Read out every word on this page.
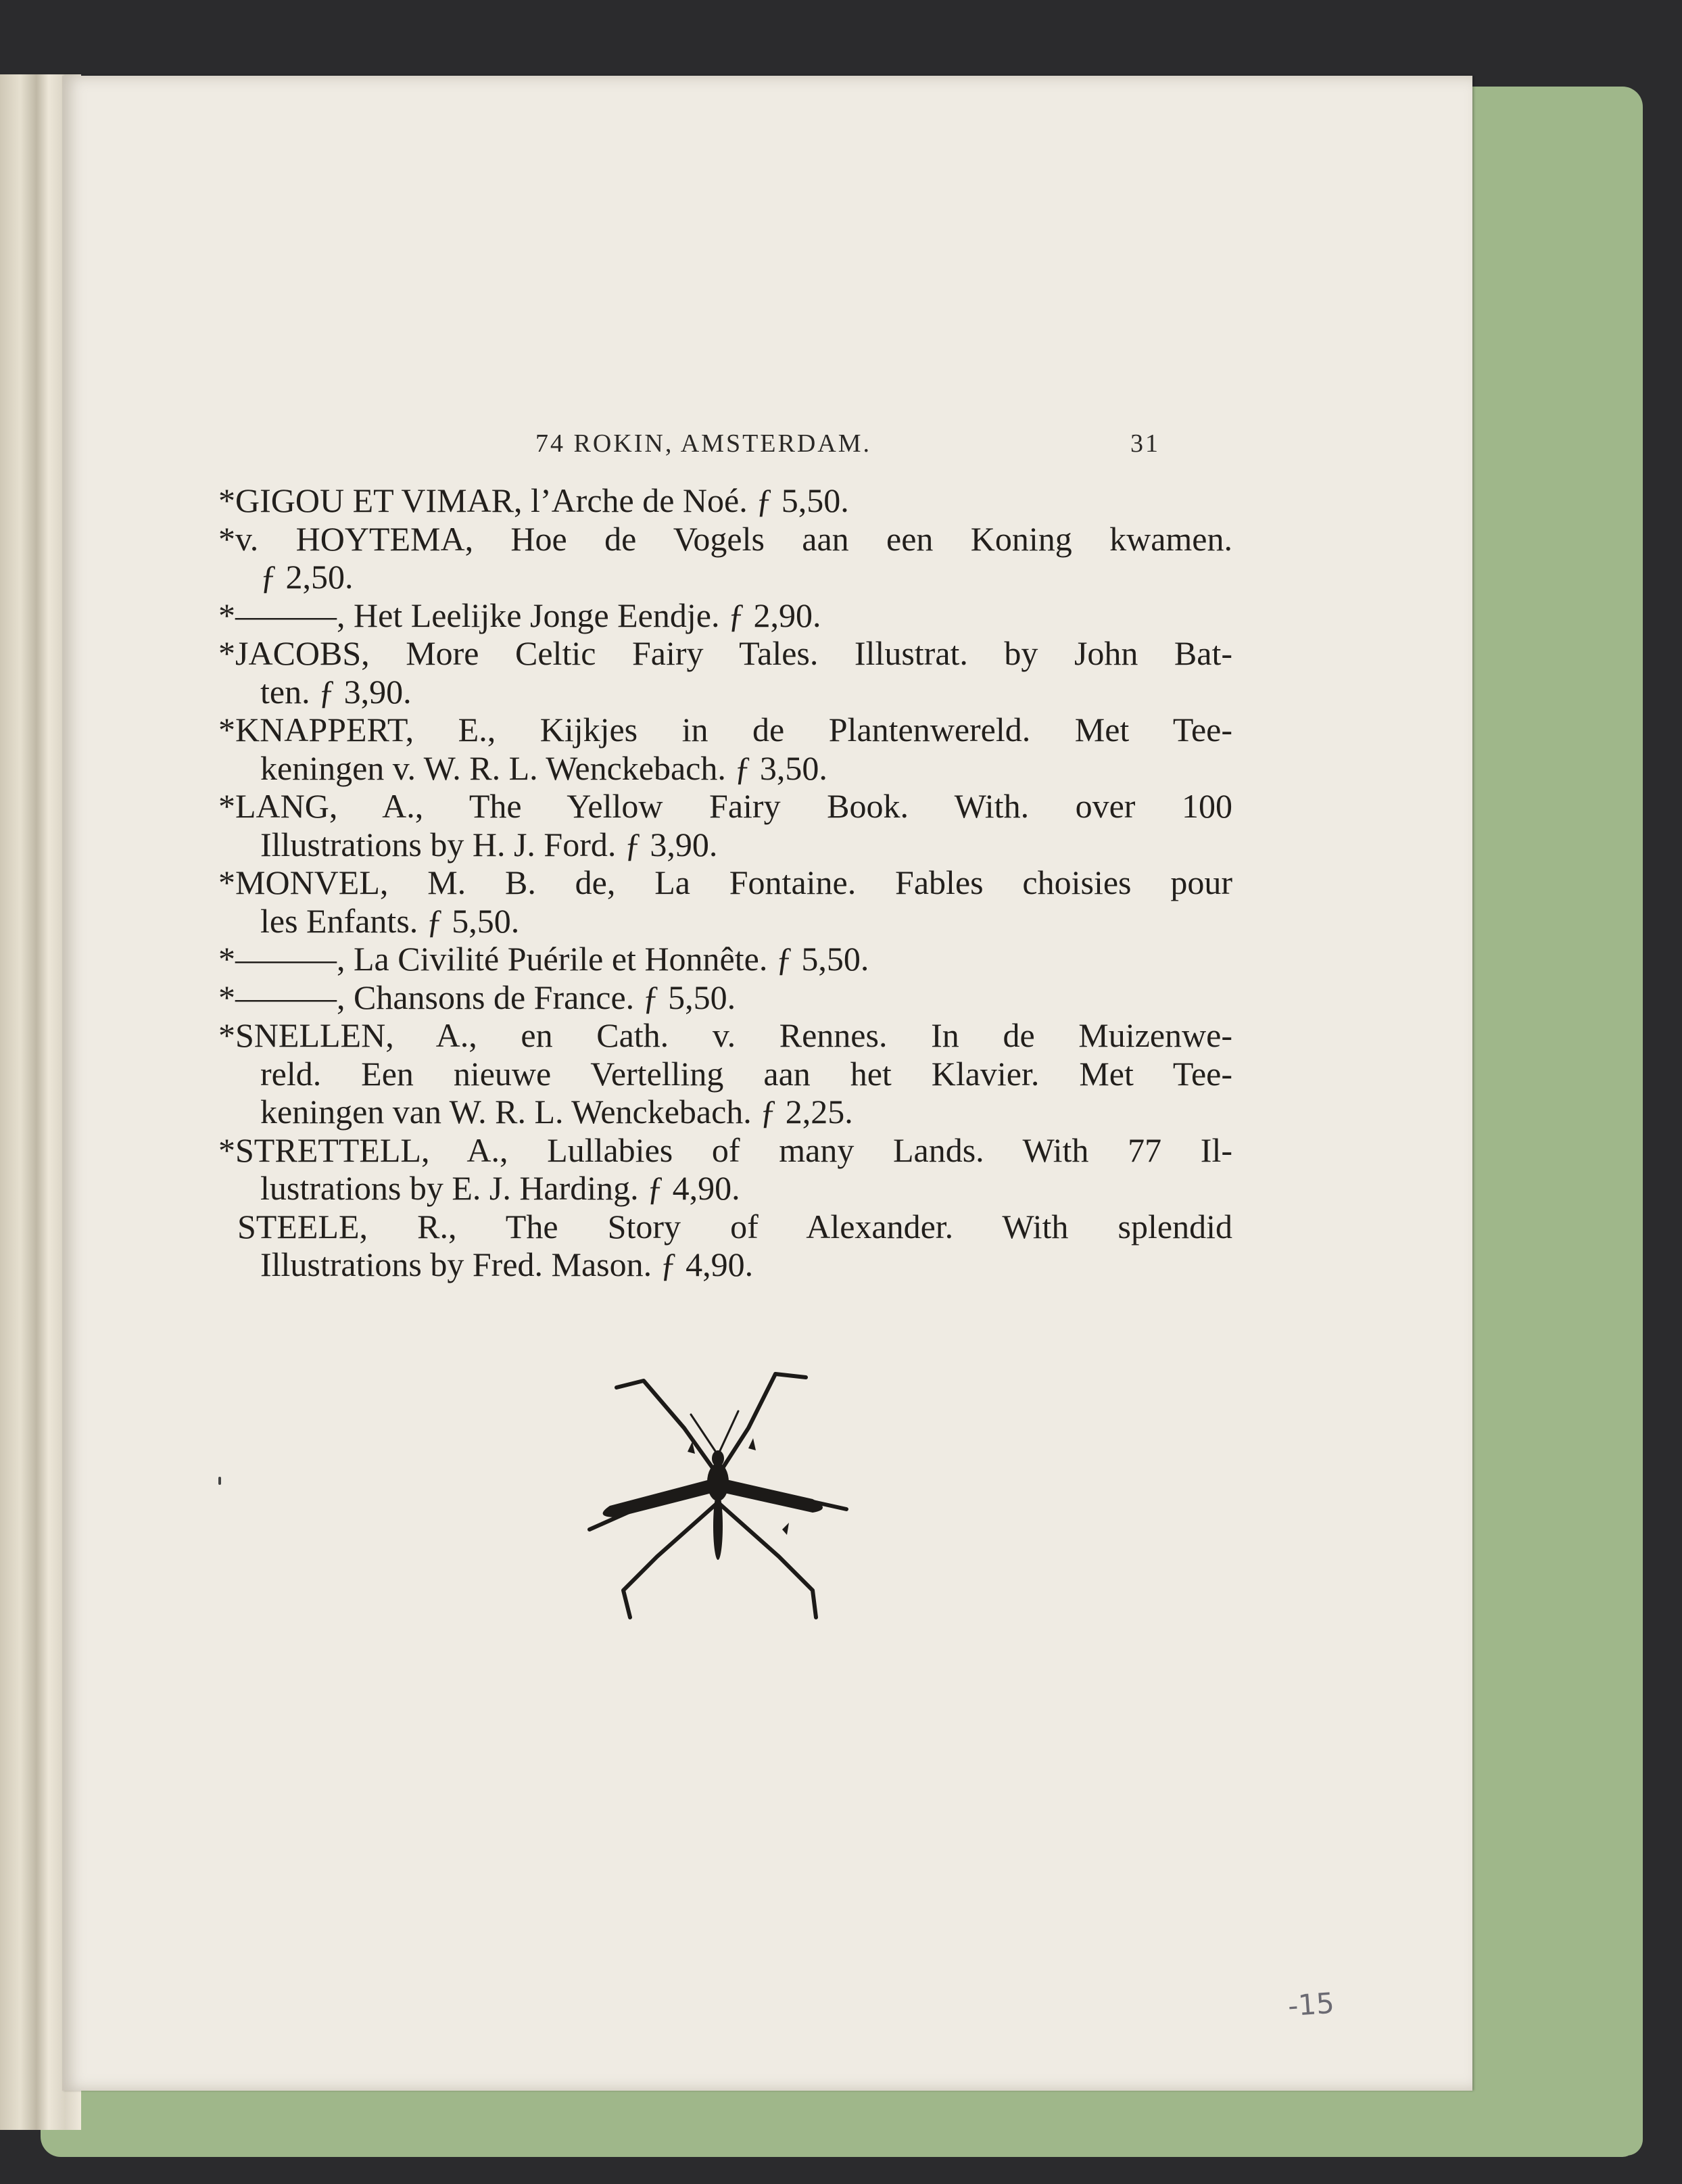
74 ROKIN, AMSTERDAM.	31
*GIGOU ET VIMAR, l’Arche de Noé. ƒ 5,50.
*v. HOYTEMA, Hoe de Vogels aan een Koning kwamen.
ƒ 2,50.
*———, Het Leelijke Jonge Eendje. ƒ 2,90.
*JACOBS, More Celtic Fairy Tales. Illustrat. by John Bat-
ten. ƒ 3,90.
*KNAPPERT, E., Kijkjes in de Plantenwereld. Met Tee-
keningen v. W. R. L. Wenckebach. ƒ 3,50.
*LANG, A., The Yellow Fairy Book. With. over 100
Illustrations by H. J. Ford. ƒ 3,90.
*MONVEL, M. B. de, La Fontaine. Fables choisies pour
les Enfants. ƒ 5,50.
*———, La Civilité Puérile et Honnête. ƒ 5,50.
*———, Chansons de France. ƒ 5,50.
*SNELLEN, A., en Cath. v. Rennes. In de Muizenwe-
reld. Een nieuwe Vertelling aan het Klavier. Met Tee-
keningen van W. R. L. Wenckebach. ƒ 2,25.
*STRETTELL, A., Lullabies of many Lands. With 77 Il-
lustrations by E. J. Harding. ƒ 4,90.
STEELE, R., The Story of Alexander. With splendid
Illustrations by Fred. Mason. ƒ 4,90.
-15
